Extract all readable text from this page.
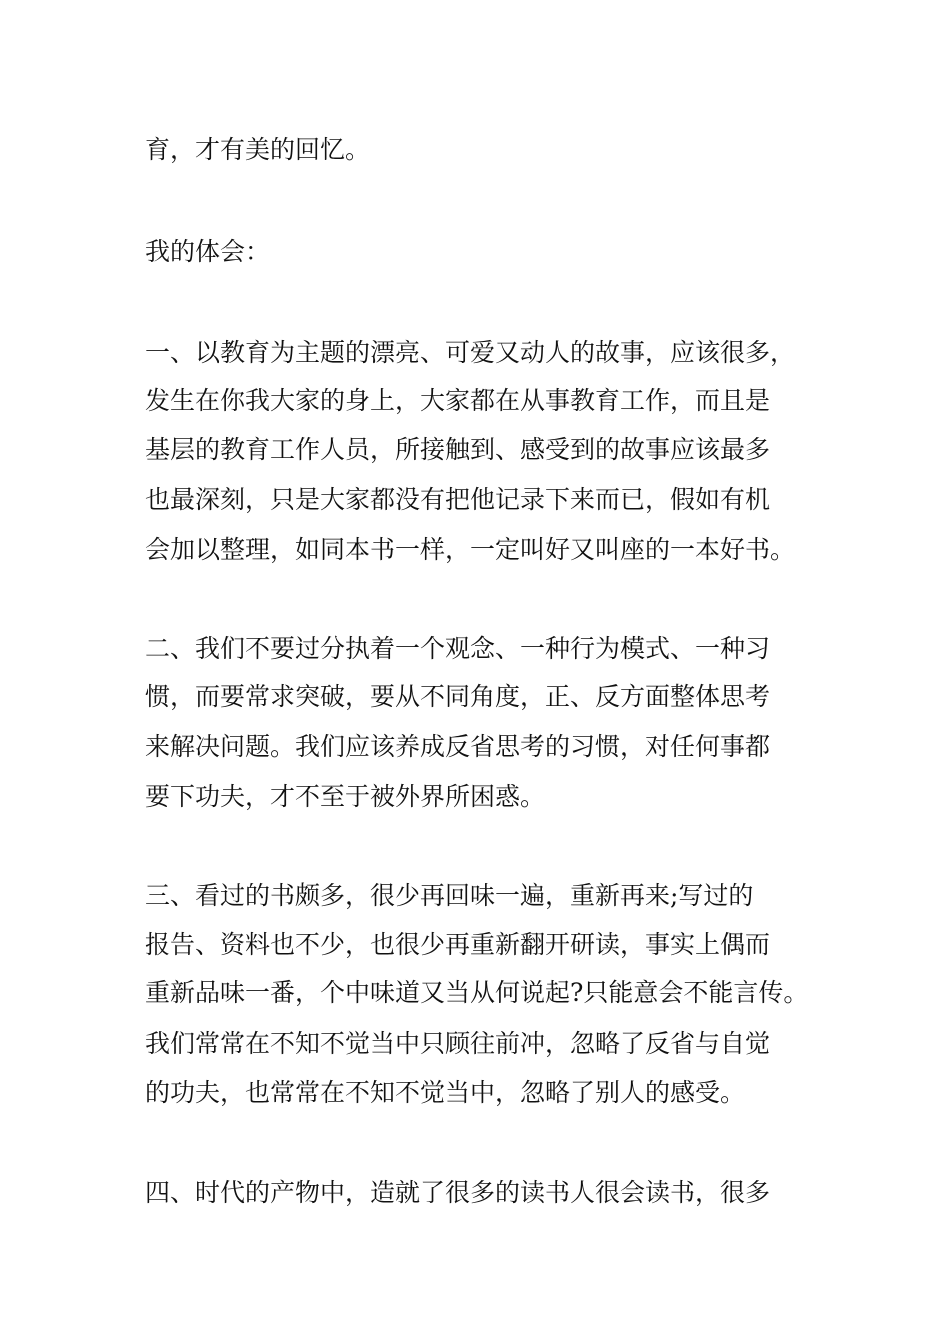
育，才有美的回忆。

我的体会：

一、以教育为主题的漂亮、可爱又动人的故事，应该很多，

发生在你我大家的身上，大家都在从事教育工作，而且是

基层的教育工作人员，所接触到、感受到的故事应该最多

也最深刻，只是大家都没有把他记录下来而已，假如有机

会加以整理，如同本书一样，一定叫好又叫座的一本好书。

二、我们不要过分执着一个观念、一种行为模式、一种习

惯，而要常求突破，要从不同角度，正、反方面整体思考

来解决问题。我们应该养成反省思考的习惯，对任何事都

要下功夫，才不至于被外界所困惑。

三、看过的书颇多，很少再回味一遍，重新再来;写过的

报告、资料也不少，也很少再重新翻开研读，事实上偶而

重新品味一番，个中味道又当从何说起?只能意会不能言传。

我们常常在不知不觉当中只顾往前冲，忽略了反省与自觉

的功夫，也常常在不知不觉当中，忽略了别人的感受。

四、时代的产物中，造就了很多的读书人很会读书，很多
